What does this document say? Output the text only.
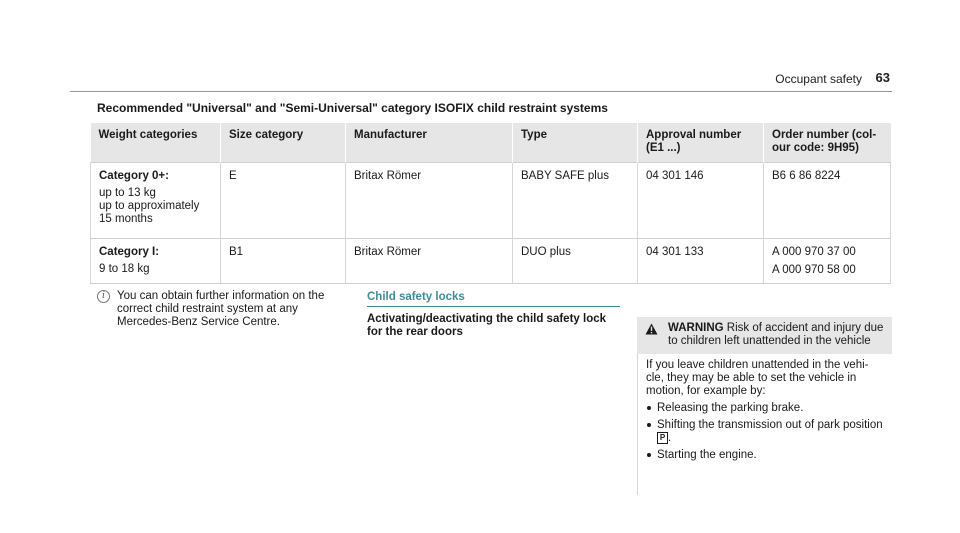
Occupant safety 63
Recommended "Universal" and "Semi-Universal" category ISOFIX child restraint systems
Weight categories	Size category	Manufacturer	Type	Approval number (E1 ...)	Order number (col-our code: 9H95)

Category 0+:
up to 13 kg
up to approximately 15 months	E	Britax Römer	BABY SAFE plus	04 301 146	B6 6 86 8224

Category I:
9 to 18 kg	B1	Britax Römer	DUO plus	04 301 133	A 000 970 37 00
A 000 970 58 00
i	You can obtain further information on the correct child restraint system at any Mercedes-Benz Service Centre.
Child safety locks
Activating/deactivating the child safety lock for the rear doors	WARNING Risk of accident and injury due to children left unattended in the vehicle

If you leave children unattended in the vehi-cle, they may be able to set the vehicle in motion, for example by:

Releasing the parking brake.
Shifting the transmission out of park position P .
Starting the engine.
